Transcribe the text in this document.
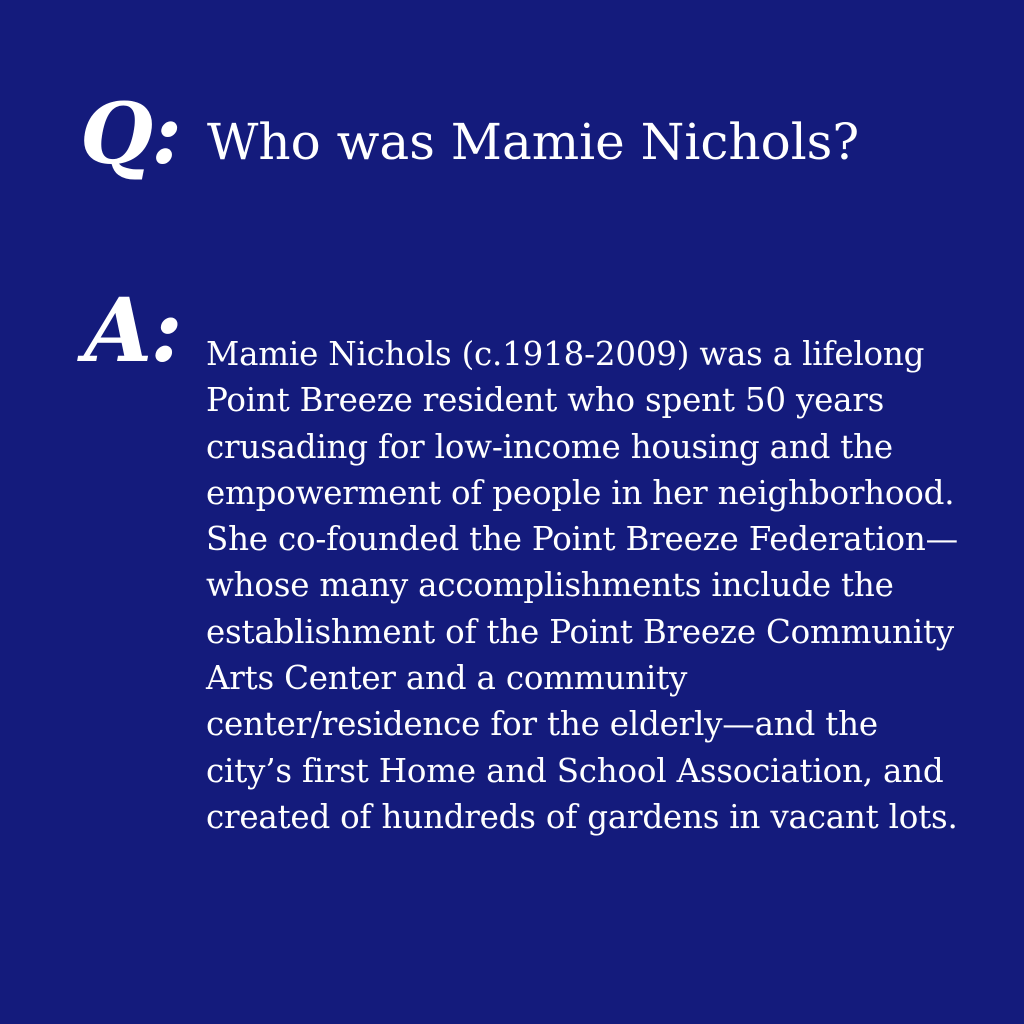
Q: Who was Mamie Nichols?
A: Mamie Nichols (c.1918-2009) was a lifelong Point Breeze resident who spent 50 years crusading for low-income housing and the empowerment of people in her neighborhood. She co-founded the Point Breeze Federation—whose many accomplishments include the establishment of the Point Breeze Community Arts Center and a community center/residence for the elderly—and the city’s first Home and School Association, and created of hundreds of gardens in vacant lots.
